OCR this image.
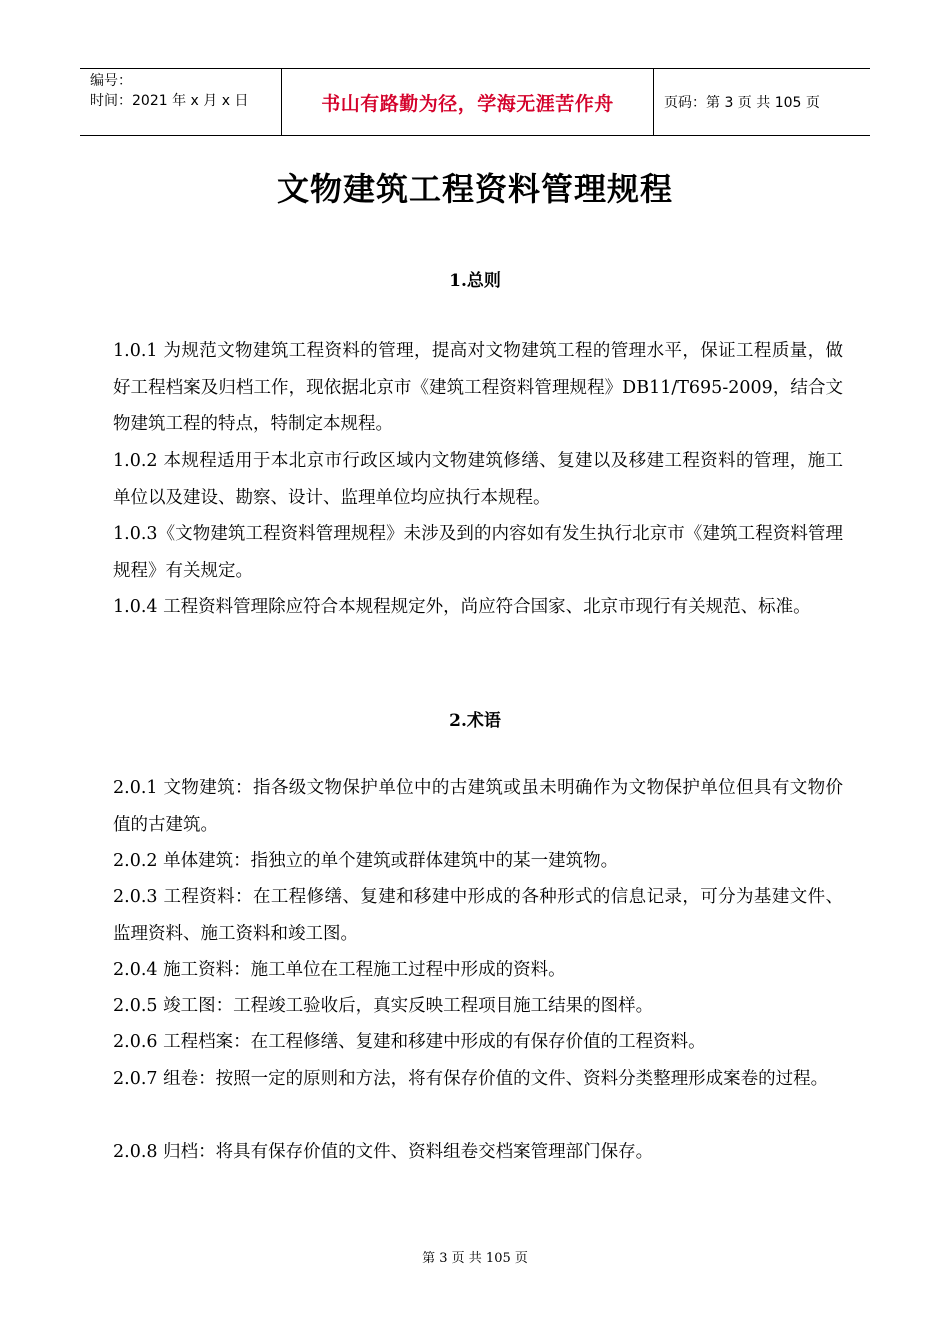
编号：
时间：2021 年 x 月 x 日	书山有路勤为径，学海无涯苦作舟	页码：第 3 页 共 105 页
文物建筑工程资料管理规程
1.总则
1.0.1 为规范文物建筑工程资料的管理，提高对文物建筑工程的管理水平，保证工程质量，做好工程档案及归档工作，现依据北京市《建筑工程资料管理规程》DB11/T695-2009，结合文物建筑工程的特点，特制定本规程。
1.0.2 本规程适用于本北京市行政区域内文物建筑修缮、复建以及移建工程资料的管理，施工单位以及建设、勘察、设计、监理单位均应执行本规程。
1.0.3《文物建筑工程资料管理规程》未涉及到的内容如有发生执行北京市《建筑工程资料管理规程》有关规定。
1.0.4 工程资料管理除应符合本规程规定外，尚应符合国家、北京市现行有关规范、标准。
2.术语
2.0.1 文物建筑：指各级文物保护单位中的古建筑或虽未明确作为文物保护单位但具有文物价值的古建筑。
2.0.2 单体建筑：指独立的单个建筑或群体建筑中的某一建筑物。
2.0.3 工程资料：在工程修缮、复建和移建中形成的各种形式的信息记录，可分为基建文件、监理资料、施工资料和竣工图。
2.0.4 施工资料：施工单位在工程施工过程中形成的资料。
2.0.5 竣工图：工程竣工验收后，真实反映工程项目施工结果的图样。
2.0.6 工程档案：在工程修缮、复建和移建中形成的有保存价值的工程资料。
2.0.7 组卷：按照一定的原则和方法，将有保存价值的文件、资料分类整理形成案卷的过程。
2.0.8 归档：将具有保存价值的文件、资料组卷交档案管理部门保存。
第 3 页 共 105 页
